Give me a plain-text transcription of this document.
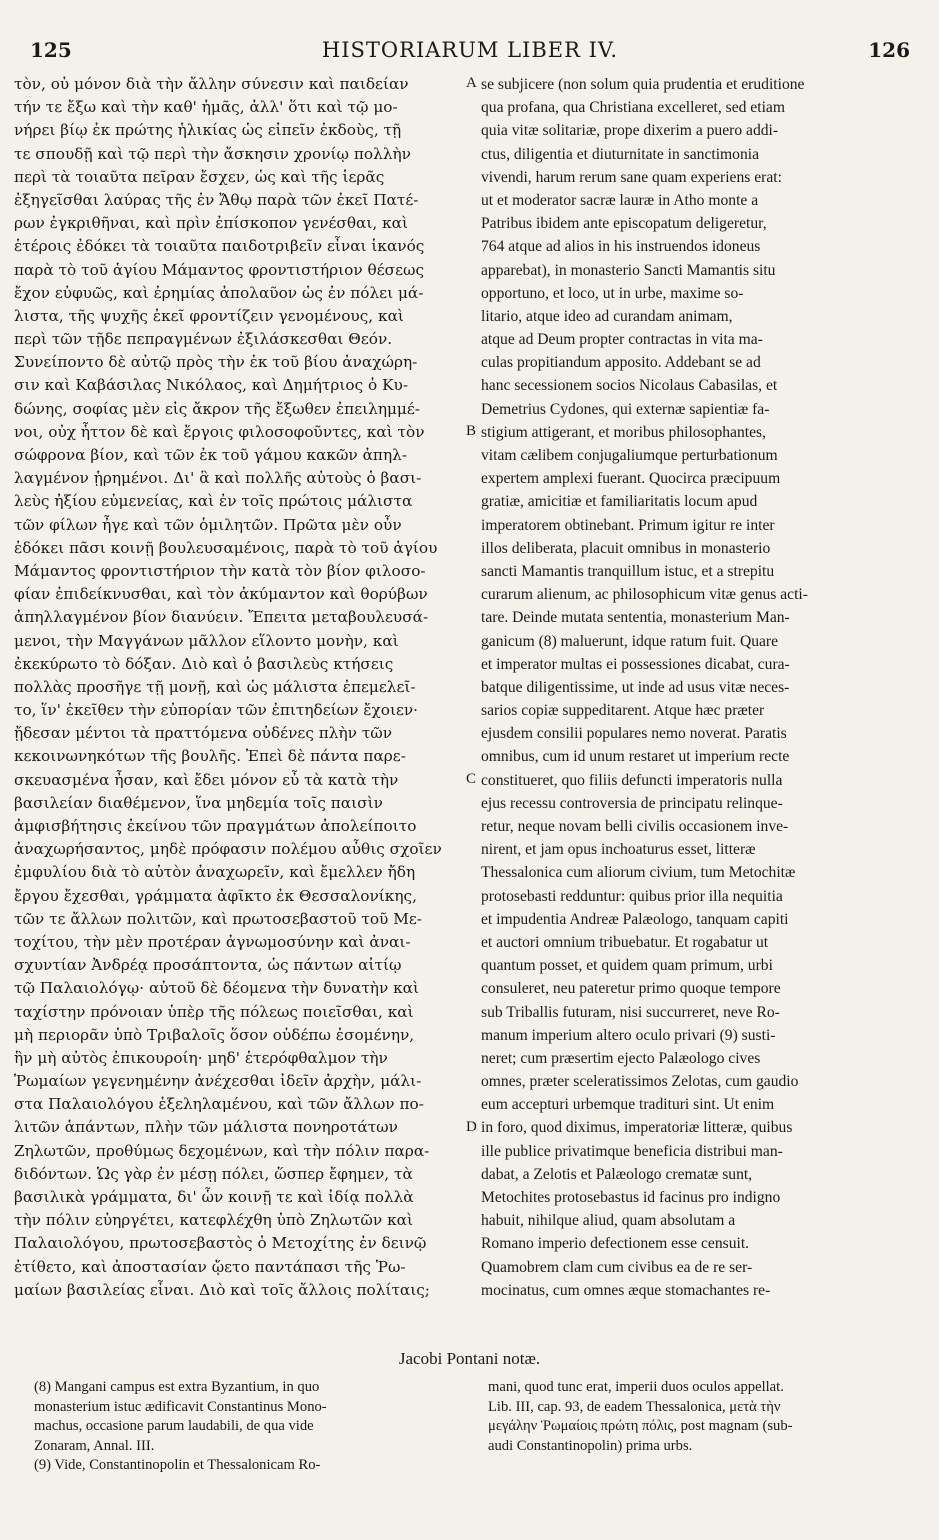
125	HISTORIARUM LIBER IV.	126
τὸν, οὐ μόνον διὰ τὴν ἄλλην σύνεσιν καὶ παιδείαν
τήν τε ἔξω καὶ τὴν καθ' ἡμᾶς, ἀλλ' ὅτι καὶ τῷ μο-
νήρει βίῳ ἐκ πρώτης ἡλικίας ὡς εἰπεῖν ἐκδοὺς, τῇ
τε σπουδῇ καὶ τῷ περὶ τὴν ἄσκησιν χρονίῳ πολλὴν
περὶ τὰ τοιαῦτα πεῖραν ἔσχεν, ὡς καὶ τῆς ἱερᾶς
ἐξηγεῖσθαι λαύρας τῆς ἐν Ἄθῳ παρὰ τῶν ἐκεῖ Πατέ-
ρων ἐγκριθῆναι, καὶ πρὶν ἐπίσκοπον γενέσθαι, καὶ
ἑτέροις ἐδόκει τὰ τοιαῦτα παιδοτριβεῖν εἶναι ἱκανός
παρὰ τὸ τοῦ ἁγίου Μάμαντος φροντιστήριον θέσεως
ἔχον εὐφυῶς, καὶ ἐρημίας ἀπολαῦον ὡς ἐν πόλει μά-
λιστα, τῆς ψυχῆς ἐκεῖ φροντίζειν γενομένους, καὶ
περὶ τῶν τῇδε πεπραγμένων ἐξιλάσκεσθαι Θεόν.
Συνείποντο δὲ αὐτῷ πρὸς τὴν ἐκ τοῦ βίου ἀναχώρη-
σιν καὶ Καβάσιλας Νικόλαος, καὶ Δημήτριος ὁ Κυ-
δώνης, σοφίας μὲν εἰς ἄκρον τῆς ἔξωθεν ἐπειλημμέ-
νοι, οὐχ ἧττον δὲ καὶ ἔργοις φιλοσοφοῦντες, καὶ τὸν
σώφρονα βίον, καὶ τῶν ἐκ τοῦ γάμου κακῶν ἀπηλ-
λαγμένον ᾑρημένοι. Δι' ἃ καὶ πολλῆς αὐτοὺς ὁ βασι-
λεὺς ἠξίου εὐμενείας, καὶ ἐν τοῖς πρώτοις μάλιστα
τῶν φίλων ἦγε καὶ τῶν ὁμιλητῶν. Πρῶτα μὲν οὖν
ἐδόκει πᾶσι κοινῇ βουλευσαμένοις, παρὰ τὸ τοῦ ἁγίου
Μάμαντος φροντιστήριον τὴν κατὰ τὸν βίον φιλοσο-
φίαν ἐπιδείκνυσθαι, καὶ τὸν ἀκύμαντον καὶ θορύβων
ἀπηλλαγμένον βίον διανύειν. Ἔπειτα μεταβουλευσά-
μενοι, τὴν Μαγγάνων μᾶλλον εἵλοντο μονὴν, καὶ
ἐκεκύρωτο τὸ δόξαν. Διὸ καὶ ὁ βασιλεὺς κτήσεις
πολλὰς προσῆγε τῇ μονῇ, καὶ ὡς μάλιστα ἐπεμελεῖ-
το, ἵν' ἐκεῖθεν τὴν εὐπορίαν τῶν ἐπιτηδείων ἔχοιεν·
ᾔδεσαν μέντοι τὰ πραττόμενα οὐδένες πλὴν τῶν
κεκοινωνηκότων τῆς βουλῆς. Ἐπεὶ δὲ πάντα παρε-
σκευασμένα ἦσαν, καὶ ἔδει μόνον εὖ τὰ κατὰ τὴν
βασιλείαν διαθέμενον, ἵνα μηδεμία τοῖς παισὶν
ἀμφισβήτησις ἐκείνου τῶν πραγμάτων ἀπολείποιτο
ἀναχωρήσαντος, μηδὲ πρόφασιν πολέμου αὖθις σχοῖεν
ἐμφυλίου διὰ τὸ αὐτὸν ἀναχωρεῖν, καὶ ἔμελλεν ἤδη
ἔργου ἔχεσθαι, γράμματα ἀφῖκτο ἐκ Θεσσαλονίκης,
τῶν τε ἄλλων πολιτῶν, καὶ πρωτοσεβαστοῦ τοῦ Με-
τοχίτου, τὴν μὲν προτέραν ἀγνωμοσύνην καὶ ἀναι-
σχυντίαν Ἀνδρέᾳ προσάπτοντα, ὡς πάντων αἰτίῳ
τῷ Παλαιολόγῳ· αὐτοῦ δὲ δέομενα τὴν δυνατὴν καὶ
ταχίστην πρόνοιαν ὑπὲρ τῆς πόλεως ποιεῖσθαι, καὶ
μὴ περιορᾶν ὑπὸ Τριβαλοῖς ὅσον οὐδέπω ἐσομένην,
ἣν μὴ αὐτὸς ἐπικουροίη· μηδ' ἑτερόφθαλμον τὴν
Ῥωμαίων γεγενημένην ἀνέχεσθαι ἰδεῖν ἀρχὴν, μάλι-
στα Παλαιολόγου ἐξεληλαμένου, καὶ τῶν ἄλλων πο-
λιτῶν ἁπάντων, πλὴν τῶν μάλιστα πονηροτάτων
Ζηλωτῶν, προθύμως δεχομένων, καὶ τὴν πόλιν παρα-
διδόντων. Ὡς γὰρ ἐν μέσῃ πόλει, ὥσπερ ἔφημεν, τὰ
βασιλικὰ γράμματα, δι' ὧν κοινῇ τε καὶ ἰδίᾳ πολλὰ
τὴν πόλιν εὐηργέτει, κατεφλέχθη ὑπὸ Ζηλωτῶν καὶ
Παλαιολόγου, πρωτοσεβαστὸς ὁ Μετοχίτης ἐν δεινῷ
ἐτίθετο, καὶ ἀποστασίαν ᾤετο παντάπασι τῆς Ῥω-
μαίων βασιλείας εἶναι. Διὸ καὶ τοῖς ἄλλοις πολίταις;
A
B
C
D
se subjicere (non solum quia prudentia et eruditione
qua profana, qua Christiana excelleret, sed etiam
quia vitæ solitariæ, prope dixerim a puero addi-
ctus, diligentia et diuturnitate in sanctimonia
vivendi, harum rerum sane quam experiens erat:
ut et moderator sacræ lauræ in Atho monte a
Patribus ibidem ante episcopatum deligeretur,
764 atque ad alios in his instruendos idoneus
apparebat), in monasterio Sancti Mamantis situ
opportuno, et loco, ut in urbe, maxime so-
litario, atque ideo ad curandam animam,
atque ad Deum propter contractas in vita ma-
culas propitiandum apposito. Addebant se ad
hanc secessionem socios Nicolaus Cabasilas, et
Demetrius Cydones, qui externæ sapientiæ fa-
stigium attigerant, et moribus philosophantes,
vitam cælibem conjugaliumque perturbationum
expertem amplexi fuerant. Quocirca præcipuum
gratiæ, amicitiæ et familiaritatis locum apud
imperatorem obtinebant. Primum igitur re inter
illos deliberata, placuit omnibus in monasterio
sancti Mamantis tranquillum istuc, et a strepitu
curarum alienum, ac philosophicum vitæ genus acti-
tare. Deinde mutata sententia, monasterium Man-
ganicum (8) maluerunt, idque ratum fuit. Quare
et imperator multas ei possessiones dicabat, cura-
batque diligentissime, ut inde ad usus vitæ neces-
sarios copiæ suppeditarent. Atque hæc præter
ejusdem consilii populares nemo noverat. Paratis
omnibus, cum id unum restaret ut imperium recte
constitueret, quo filiis defuncti imperatoris nulla
ejus recessu controversia de principatu relinque-
retur, neque novam belli civilis occasionem inve-
nirent, et jam opus inchoaturus esset, litteræ
Thessalonica cum aliorum civium, tum Metochitæ
protosebasti redduntur: quibus prior illa nequitia
et impudentia Andreæ Palæologo, tanquam capiti
et auctori omnium tribuebatur. Et rogabatur ut
quantum posset, et quidem quam primum, urbi
consuleret, neu pateretur primo quoque tempore
sub Triballis futuram, nisi succurreret, neve Ro-
manum imperium altero oculo privari (9) susti-
neret; cum præsertim ejecto Palæologo cives
omnes, præter sceleratissimos Zelotas, cum gaudio
eum accepturi urbemque tradituri sint. Ut enim
in foro, quod diximus, imperatoriæ litteræ, quibus
ille publice privatimque beneficia distribui man-
dabat, a Zelotis et Palæologo crematæ sunt,
Metochites protosebastus id facinus pro indigno
habuit, nihilque aliud, quam absolutam a
Romano imperio defectionem esse censuit.
Quamobrem clam cum civibus ea de re ser-
mocinatus, cum omnes æque stomachantes re-
Jacobi Pontani notæ.
(8) Mangani campus est extra Byzantium, in quo
monasterium istuc ædificavit Constantinus Mono-
machus, occasione parum laudabili, de qua vide
Zonaram, Annal. III.
(9) Vide, Constantinopolin et Thessalonicam Ro-
mani, quod tunc erat, imperii duos oculos appellat.
Lib. III, cap. 93, de eadem Thessalonica, μετὰ τὴν
μεγάλην Ῥωμαίοις πρώτη πόλις, post magnam (sub-
audi Constantinopolin) prima urbs.
